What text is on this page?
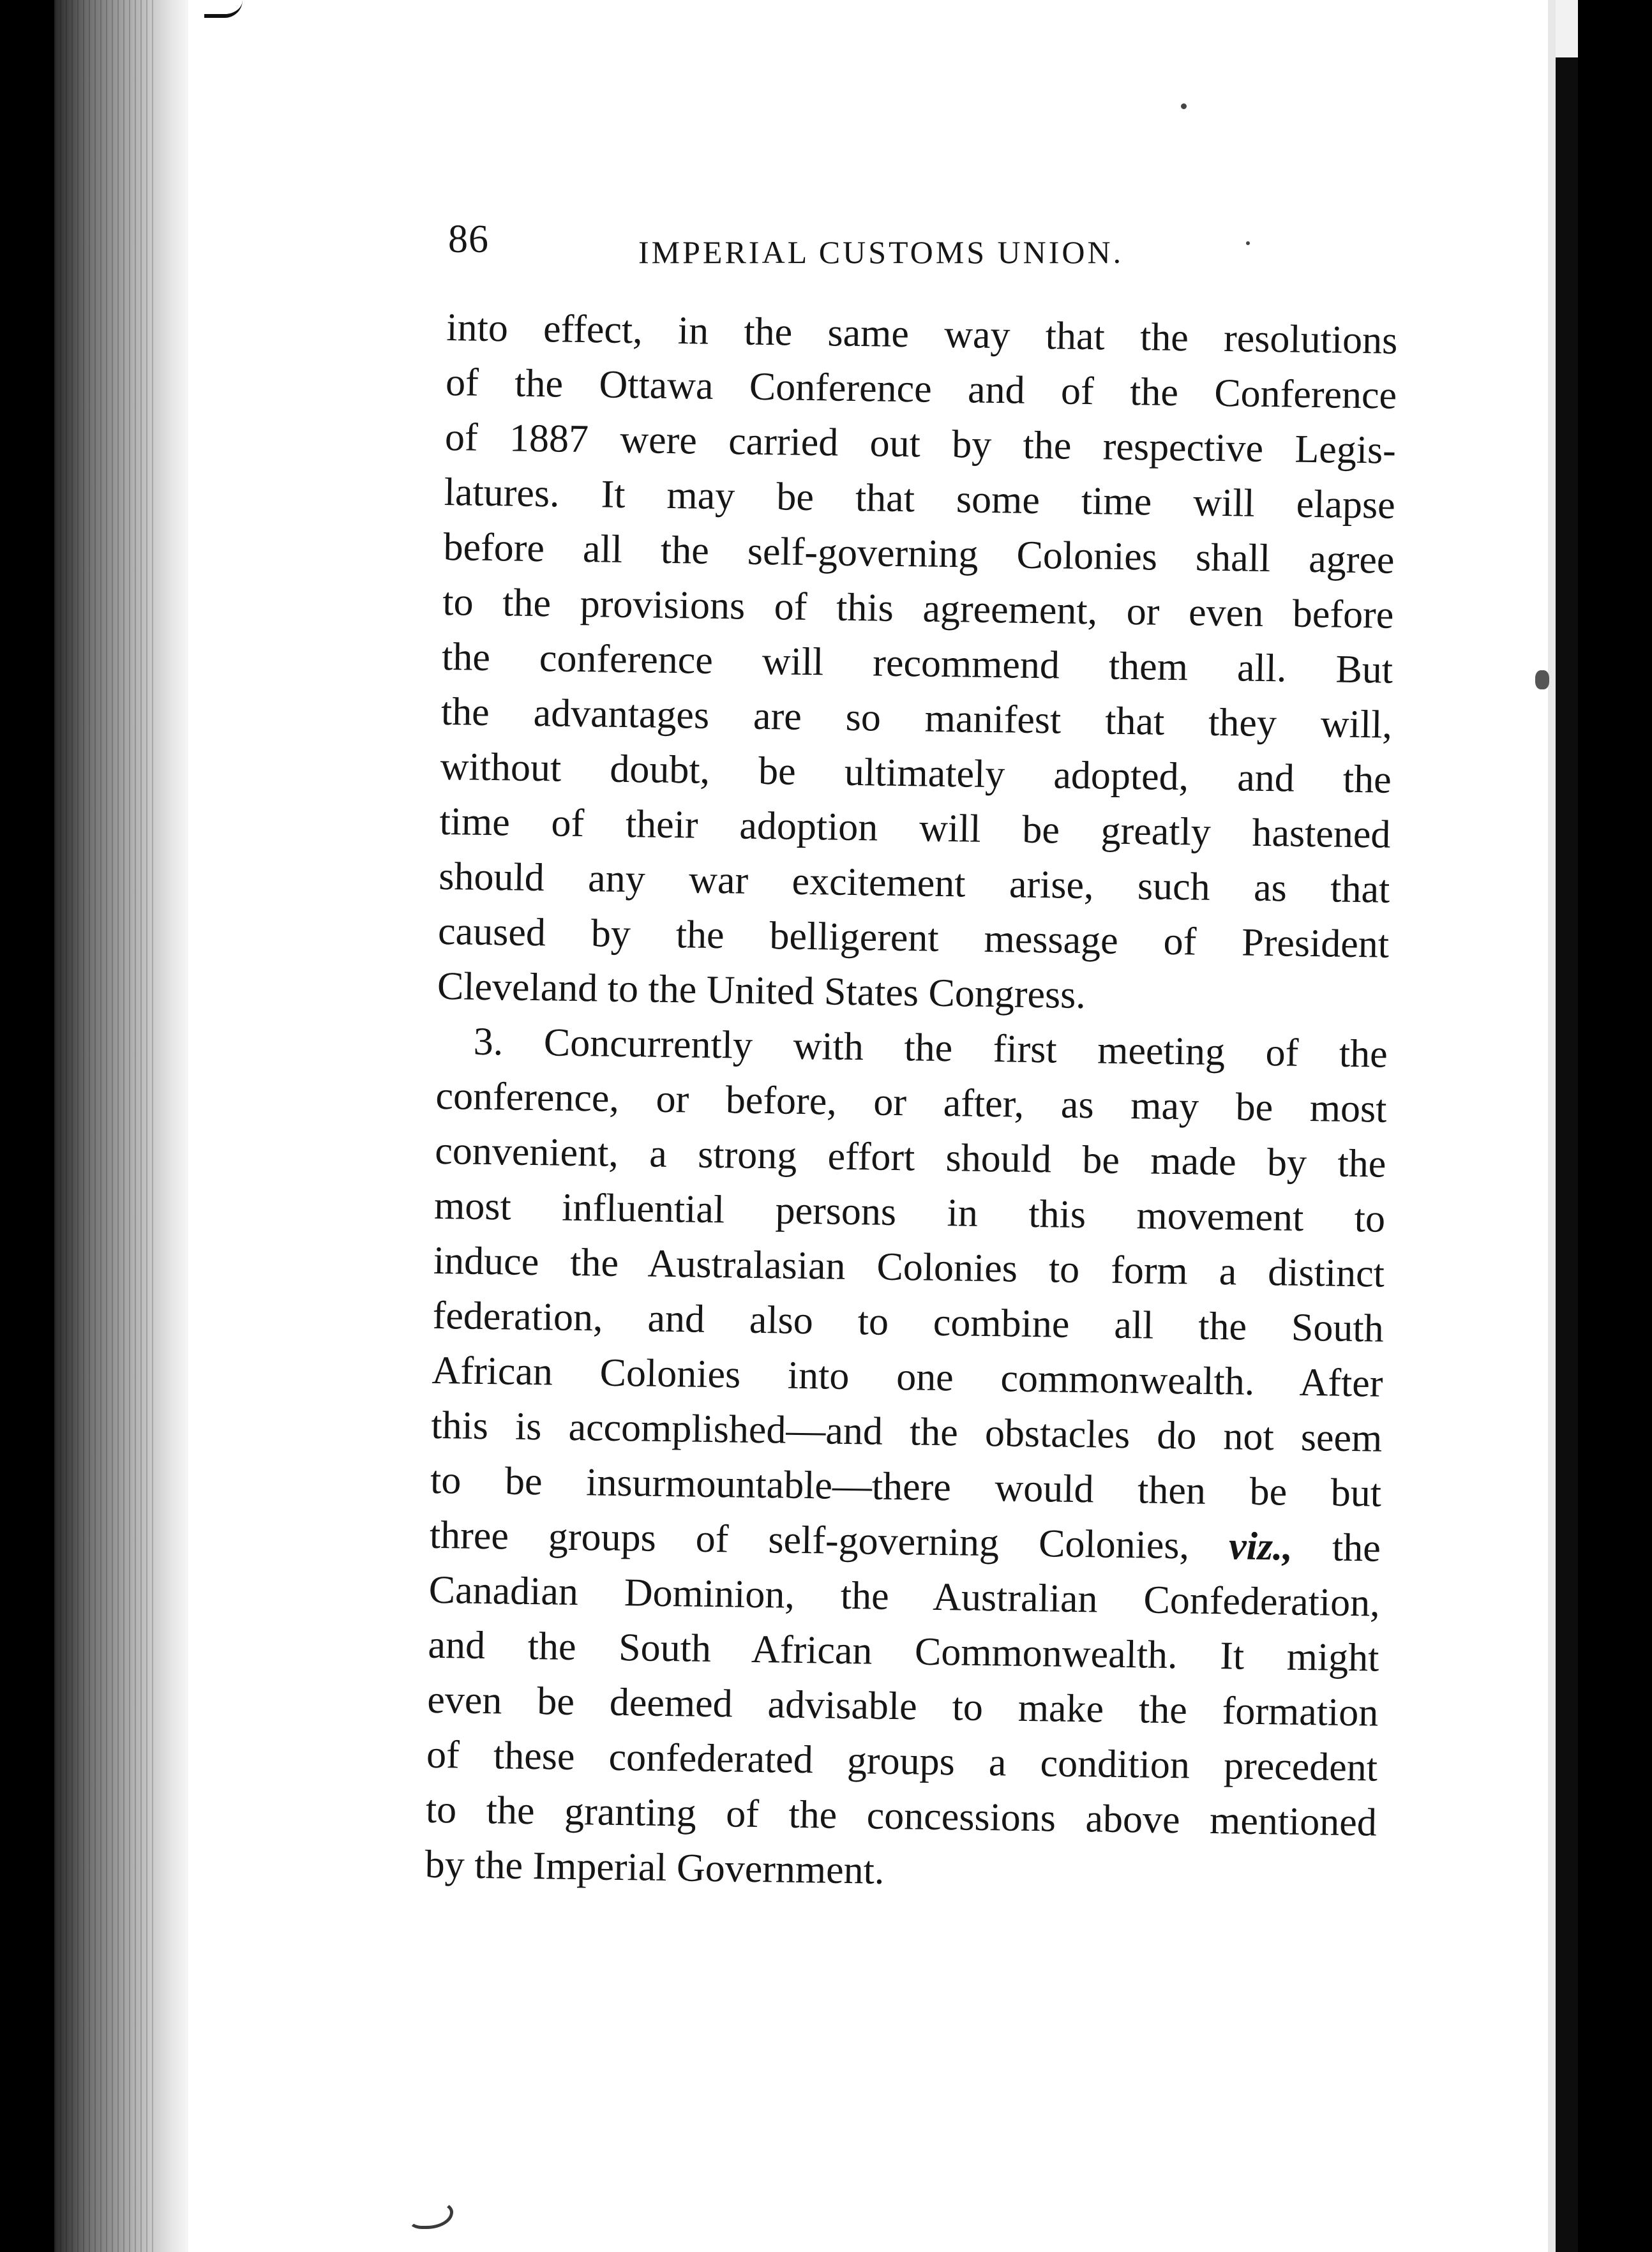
86	IMPERIAL CUSTOMS UNION.
into effect, in the same way that the resolutions
of the Ottawa Conference and of the Conference
of 1887 were carried out by the respective Legis-
latures. It may be that some time will elapse
before all the self-governing Colonies shall agree
to the provisions of this agreement, or even before
the conference will recommend them all. But
the advantages are so manifest that they will,
without doubt, be ultimately adopted, and the
time of their adoption will be greatly hastened
should any war excitement arise, such as that
caused by the belligerent message of President
Cleveland to the United States Congress.
3. Concurrently with the first meeting of the
conference, or before, or after, as may be most
convenient, a strong effort should be made by the
most influential persons in this movement to
induce the Australasian Colonies to form a distinct
federation, and also to combine all the South
African Colonies into one commonwealth. After
this is accomplished—and the obstacles do not seem
to be insurmountable—there would then be but
three groups of self-governing Colonies, viz., the
Canadian Dominion, the Australian Confederation,
and the South African Commonwealth. It might
even be deemed advisable to make the formation
of these confederated groups a condition precedent
to the granting of the concessions above mentioned
by the Imperial Government.
